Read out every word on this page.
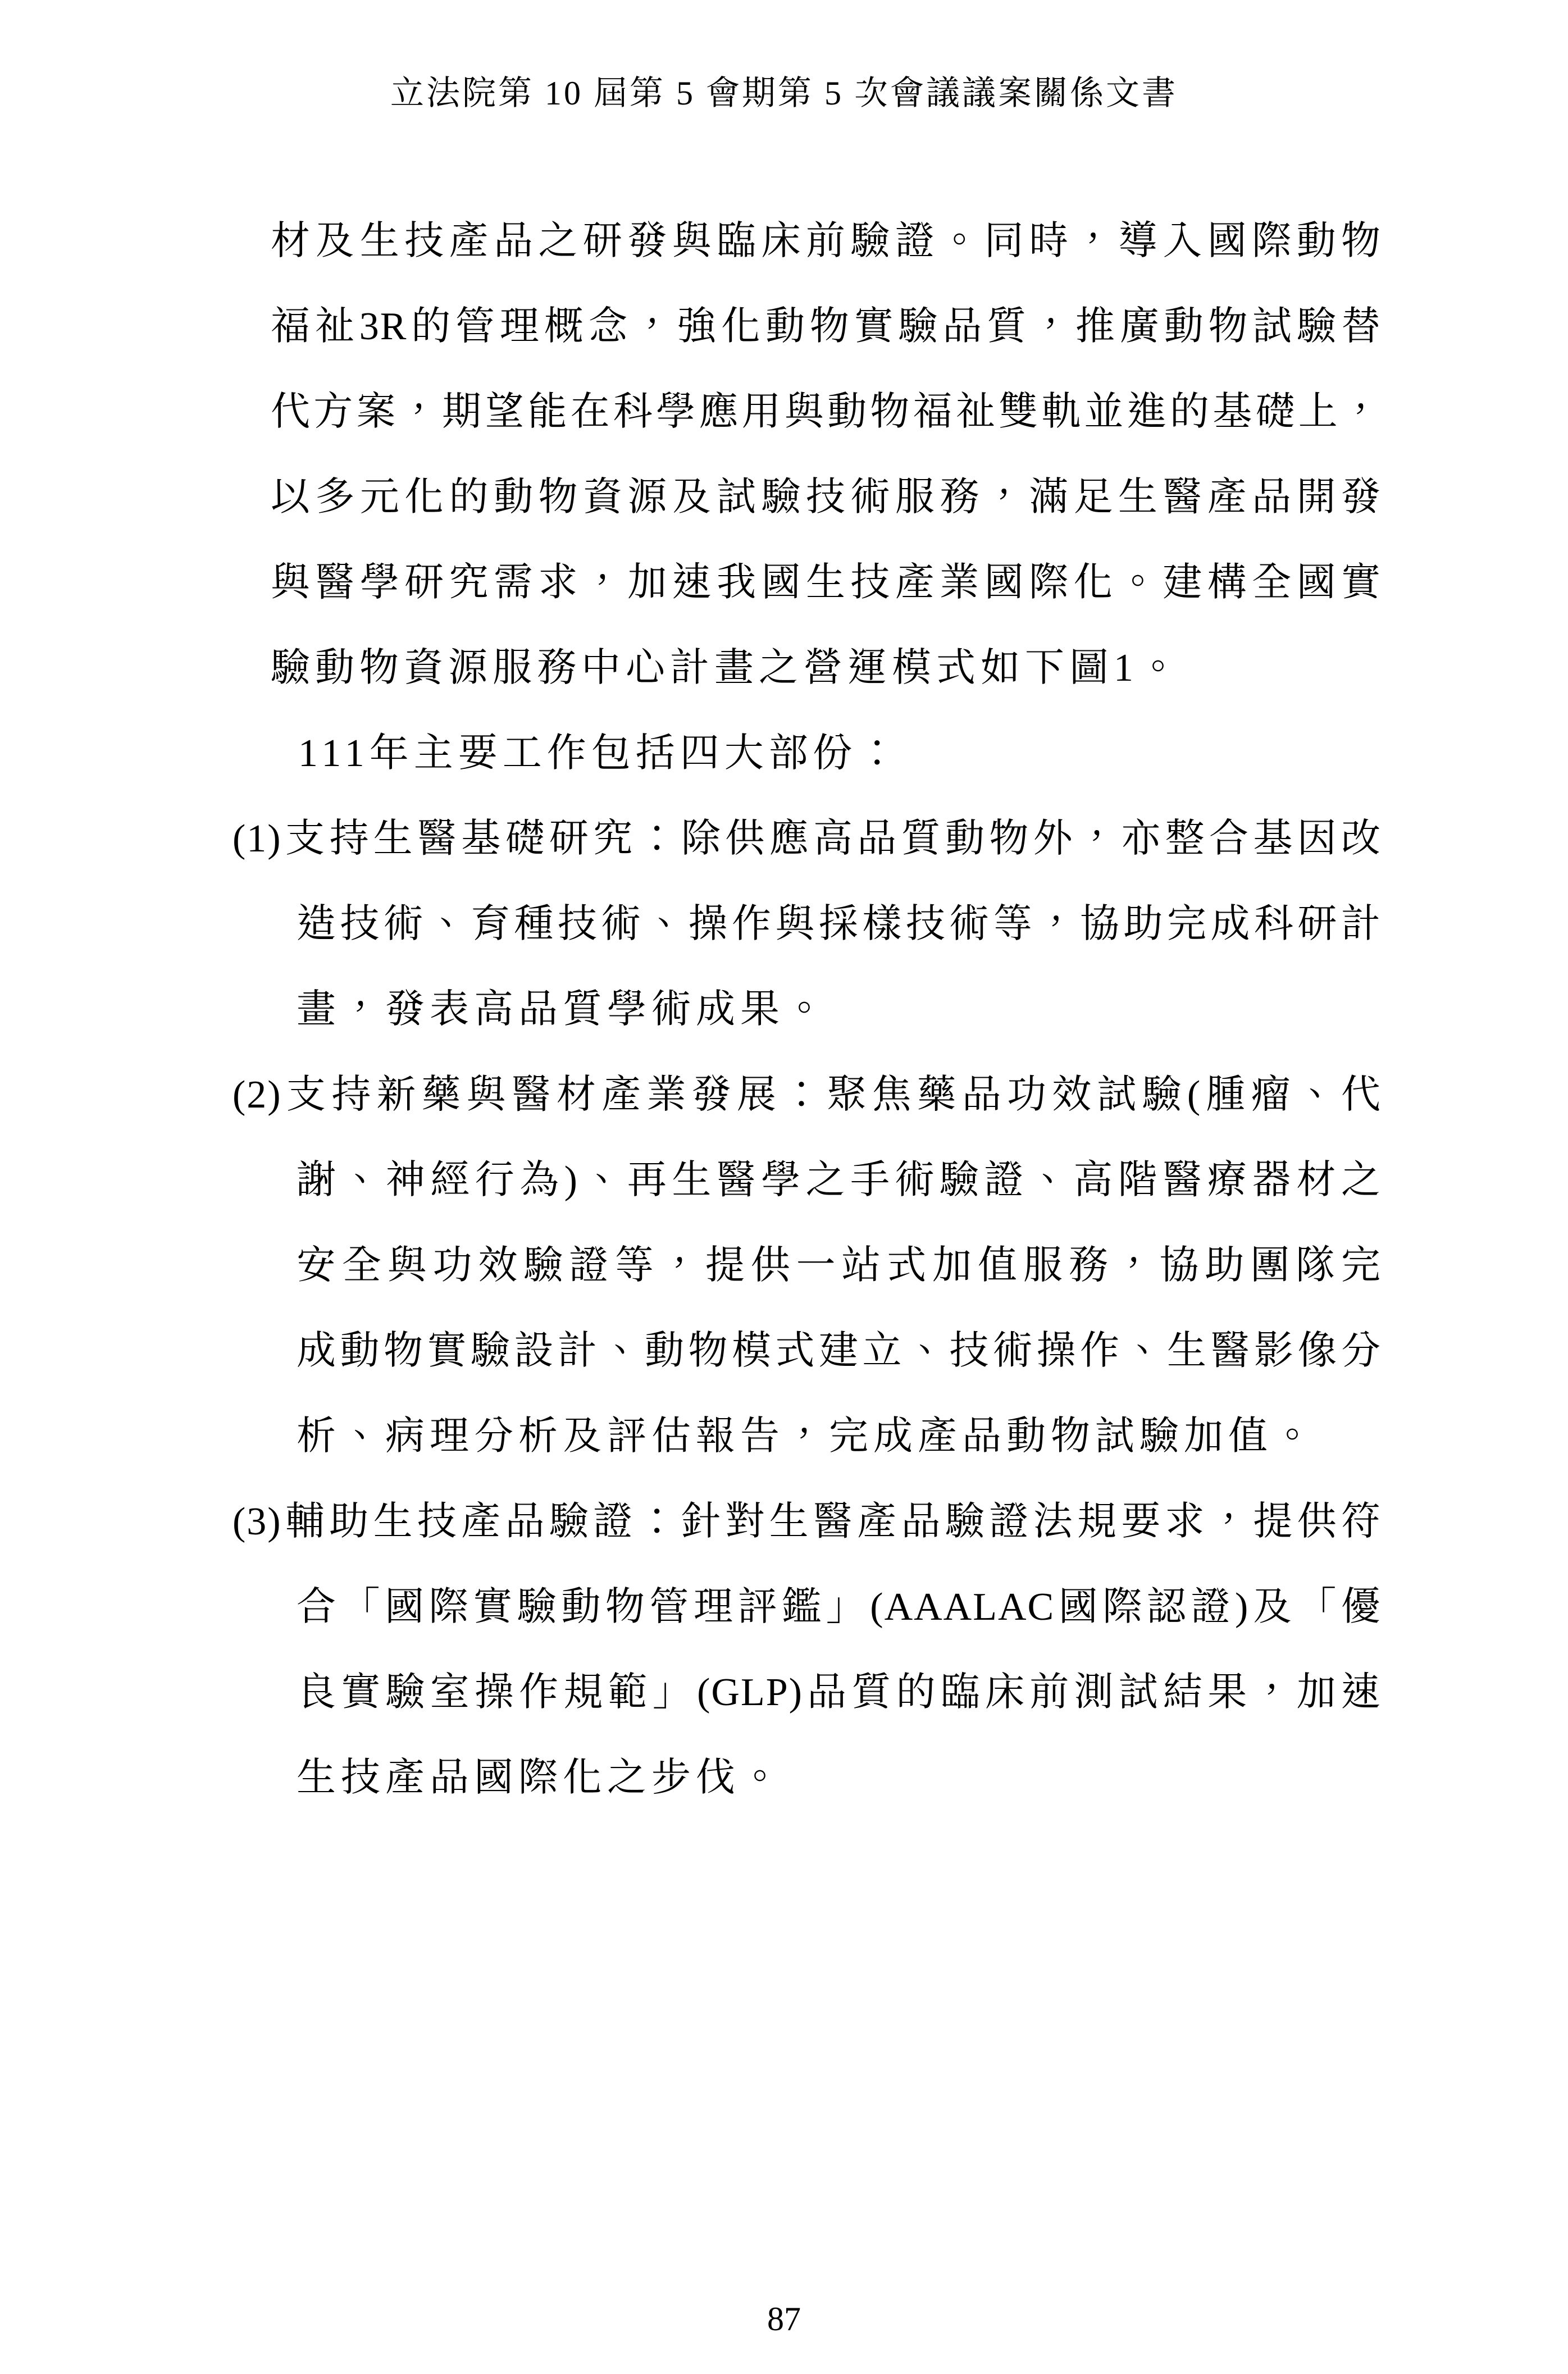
立法院第 10 屆第 5 會期第 5 次會議議案關係文書
材及生技產品之研發與臨床前驗證。同時，導入國際動物
福祉3R的管理概念，強化動物實驗品質，推廣動物試驗替
代方案，期望能在科學應用與動物福祉雙軌並進的基礎上，
以多元化的動物資源及試驗技術服務，滿足生醫產品開發
與醫學研究需求，加速我國生技產業國際化。建構全國實
驗動物資源服務中心計畫之營運模式如下圖1。
111年主要工作包括四大部份：
(1)支持生醫基礎研究：除供應高品質動物外，亦整合基因改
造技術、育種技術、操作與採樣技術等，協助完成科研計
畫，發表高品質學術成果。
(2)支持新藥與醫材產業發展：聚焦藥品功效試驗(腫瘤、代
謝、神經行為)、再生醫學之手術驗證、高階醫療器材之
安全與功效驗證等，提供一站式加值服務，協助團隊完
成動物實驗設計、動物模式建立、技術操作、生醫影像分
析、病理分析及評估報告，完成產品動物試驗加值。
(3)輔助生技產品驗證：針對生醫產品驗證法規要求，提供符
合「國際實驗動物管理評鑑」(AAALAC國際認證)及「優
良實驗室操作規範」(GLP)品質的臨床前測試結果，加速
生技產品國際化之步伐。
87
